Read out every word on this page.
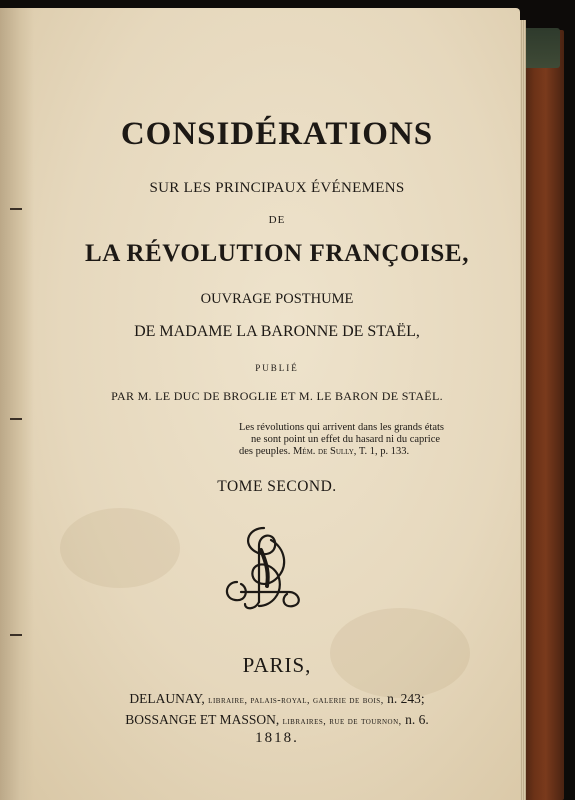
CONSIDÉRATIONS
SUR LES PRINCIPAUX ÉVÉNEMENS
DE
LA RÉVOLUTION FRANÇOISE,
OUVRAGE POSTHUME
DE MADAME LA BARONNE DE STAËL,
PUBLIÉ
PAR M. LE DUC DE BROGLIE ET M. LE BARON DE STAËL.
Les révolutions qui arrivent dans les grands états
ne sont point un effet du hasard ni du caprice
des peuples. Mém. de Sully, T. 1, p. 133.
TOME SECOND.
PARIS,
DELAUNAY, libraire, palais-royal, galerie de bois, n. 243;
BOSSANGE ET MASSON, libraires, rue de tournon, n. 6.
1818.
